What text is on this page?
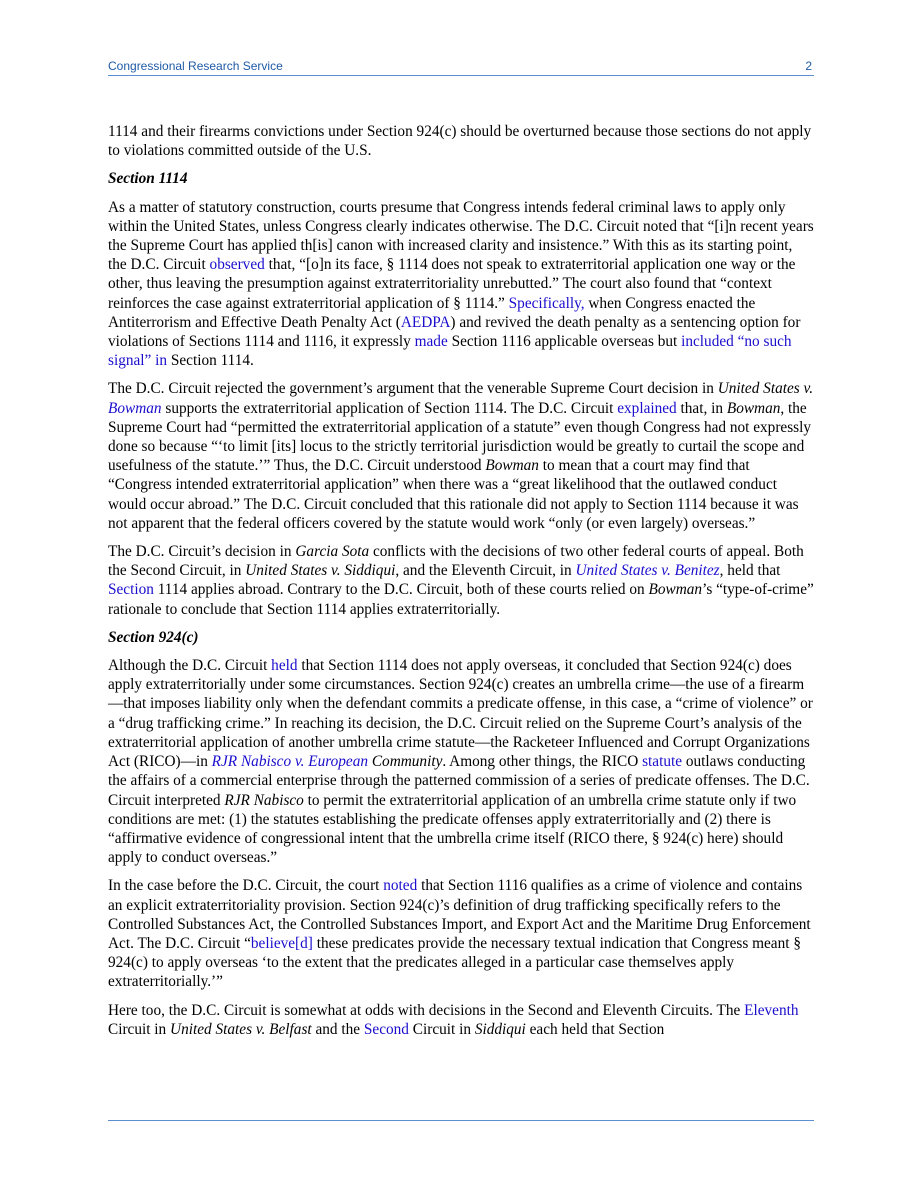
Congressional Research Service	2

1114 and their firearms convictions under Section 924(c) should be overturned because those sections do not apply to violations committed outside of the U.S.

Section 1114

As a matter of statutory construction, courts presume that Congress intends federal criminal laws to apply only within the United States, unless Congress clearly indicates otherwise. The D.C. Circuit noted that “[i]n recent years the Supreme Court has applied th[is] canon with increased clarity and insistence.” With this as its starting point, the D.C. Circuit observed that, “[o]n its face, § 1114 does not speak to extraterritorial application one way or the other, thus leaving the presumption against extraterritoriality unrebutted.” The court also found that “context reinforces the case against extraterritorial application of § 1114.” Specifically, when Congress enacted the Antiterrorism and Effective Death Penalty Act (AEDPA) and revived the death penalty as a sentencing option for violations of Sections 1114 and 1116, it expressly made Section 1116 applicable overseas but included “no such signal” in Section 1114.

The D.C. Circuit rejected the government’s argument that the venerable Supreme Court decision in United States v. Bowman supports the extraterritorial application of Section 1114. The D.C. Circuit explained that, in Bowman, the Supreme Court had “permitted the extraterritorial application of a statute” even though Congress had not expressly done so because “‘to limit [its] locus to the strictly territorial jurisdiction would be greatly to curtail the scope and usefulness of the statute.’” Thus, the D.C. Circuit understood Bowman to mean that a court may find that “Congress intended extraterritorial application” when there was a “great likelihood that the outlawed conduct would occur abroad.” The D.C. Circuit concluded that this rationale did not apply to Section 1114 because it was not apparent that the federal officers covered by the statute would work “only (or even largely) overseas.”

The D.C. Circuit’s decision in Garcia Sota conflicts with the decisions of two other federal courts of appeal. Both the Second Circuit, in United States v. Siddiqui, and the Eleventh Circuit, in United States v. Benitez, held that Section 1114 applies abroad. Contrary to the D.C. Circuit, both of these courts relied on Bowman’s “type-of-crime” rationale to conclude that Section 1114 applies extraterritorially.

Section 924(c)

Although the D.C. Circuit held that Section 1114 does not apply overseas, it concluded that Section 924(c) does apply extraterritorially under some circumstances. Section 924(c) creates an umbrella crime—the use of a firearm—that imposes liability only when the defendant commits a predicate offense, in this case, a “crime of violence” or a “drug trafficking crime.” In reaching its decision, the D.C. Circuit relied on the Supreme Court’s analysis of the extraterritorial application of another umbrella crime statute—the Racketeer Influenced and Corrupt Organizations Act (RICO)—in RJR Nabisco v. European Community. Among other things, the RICO statute outlaws conducting the affairs of a commercial enterprise through the patterned commission of a series of predicate offenses. The D.C. Circuit interpreted RJR Nabisco to permit the extraterritorial application of an umbrella crime statute only if two conditions are met: (1) the statutes establishing the predicate offenses apply extraterritorially and (2) there is “affirmative evidence of congressional intent that the umbrella crime itself (RICO there, § 924(c) here) should apply to conduct overseas.”

In the case before the D.C. Circuit, the court noted that Section 1116 qualifies as a crime of violence and contains an explicit extraterritoriality provision. Section 924(c)’s definition of drug trafficking specifically refers to the Controlled Substances Act, the Controlled Substances Import, and Export Act and the Maritime Drug Enforcement Act. The D.C. Circuit “believe[d] these predicates provide the necessary textual indication that Congress meant § 924(c) to apply overseas ‘to the extent that the predicates alleged in a particular case themselves apply extraterritorially.’”

Here too, the D.C. Circuit is somewhat at odds with decisions in the Second and Eleventh Circuits. The Eleventh Circuit in United States v. Belfast and the Second Circuit in Siddiqui each held that Section
